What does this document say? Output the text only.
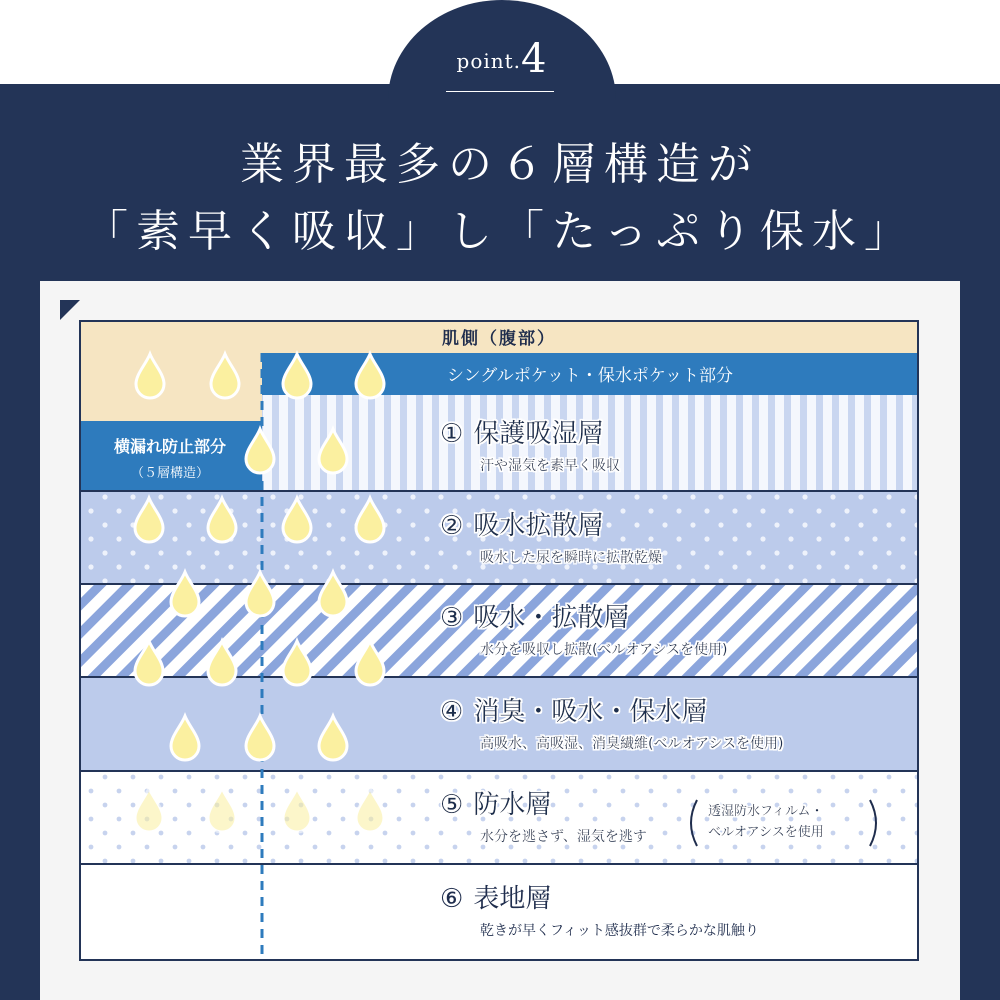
point.4
業界最多の６層構造が
「素早く吸収」し「たっぷり保水」
肌側（腹部）
シングルポケット・保水ポケット部分
横漏れ防止部分
（５層構造）
① 保護吸湿層
汗や湿気を素早く吸収
② 吸水拡散層
吸水した尿を瞬時に拡散乾燥
③ 吸水・拡散層
水分を吸収し拡散(ベルオアシスを使用)
④ 消臭・吸水・保水層
高吸水、高吸湿、消臭繊維(ベルオアシスを使用)
⑤ 防水層
水分を逃さず、湿気を逃す
透湿防水フィルム・
ベルオアシスを使用
⑥ 表地層
乾きが早くフィット感抜群で柔らかな肌触り
